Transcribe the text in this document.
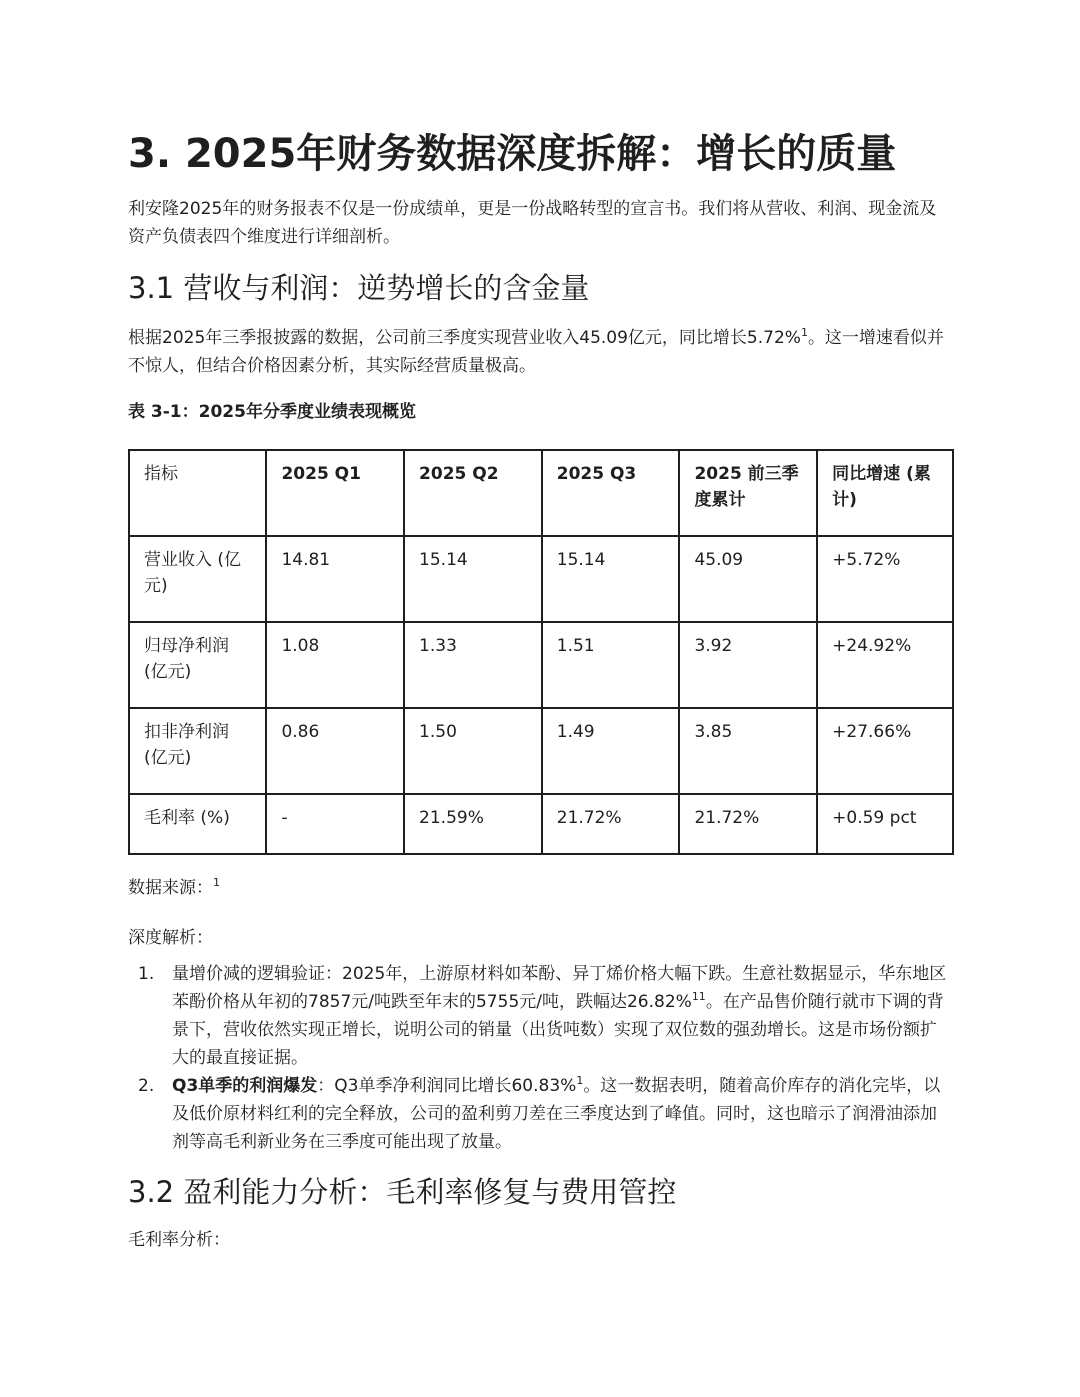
3. 2025年财务数据深度拆解：增长的质量

利安隆2025年的财务报表不仅是一份成绩单，更是一份战略转型的宣言书。我们将从营收、利润、现金流及资产负债表四个维度进行详细剖析。

3.1 营收与利润：逆势增长的含金量

根据2025年三季报披露的数据，公司前三季度实现营业收入45.09亿元，同比增长5.72%$^1$。这一增速看似并不惊人，但结合价格因素分析，其实际经营质量极高。

表 3-1：2025年分季度业绩表现概览

指标	2025 Q1	2025 Q2	2025 Q3	2025 前三季度累计	同比增速 (累计)
营业收入 (亿元)	14.81	15.14	15.14	45.09	+5.72%
归母净利润 (亿元)	1.08	1.33	1.51	3.92	+24.92%
扣非净利润 (亿元)	0.86	1.50	1.49	3.85	+27.66%
毛利率 (%)	-	21.59%	21.72%	21.72%	+0.59 pct

数据来源：$^1$

深度解析：

1. 量增价减的逻辑验证：2025年，上游原材料如苯酚、异丁烯价格大幅下跌。生意社数据显示，华东地区苯酚价格从年初的7857元/吨跌至年末的5755元/吨，跌幅达26.82%$^{11}$。在产品售价随行就市下调的背景下，营收依然实现正增长，说明公司的销量（出货吨数）实现了双位数的强劲增长。这是市场份额扩大的最直接证据。
2. Q3单季的利润爆发：Q3单季净利润同比增长60.83%$^1$。这一数据表明，随着高价库存的消化完毕，以及低价原材料红利的完全释放，公司的盈利剪刀差在三季度达到了峰值。同时，这也暗示了润滑油添加剂等高毛利新业务在三季度可能出现了放量。
3.2 盈利能力分析：毛利率修复与费用管控

毛利率分析：
